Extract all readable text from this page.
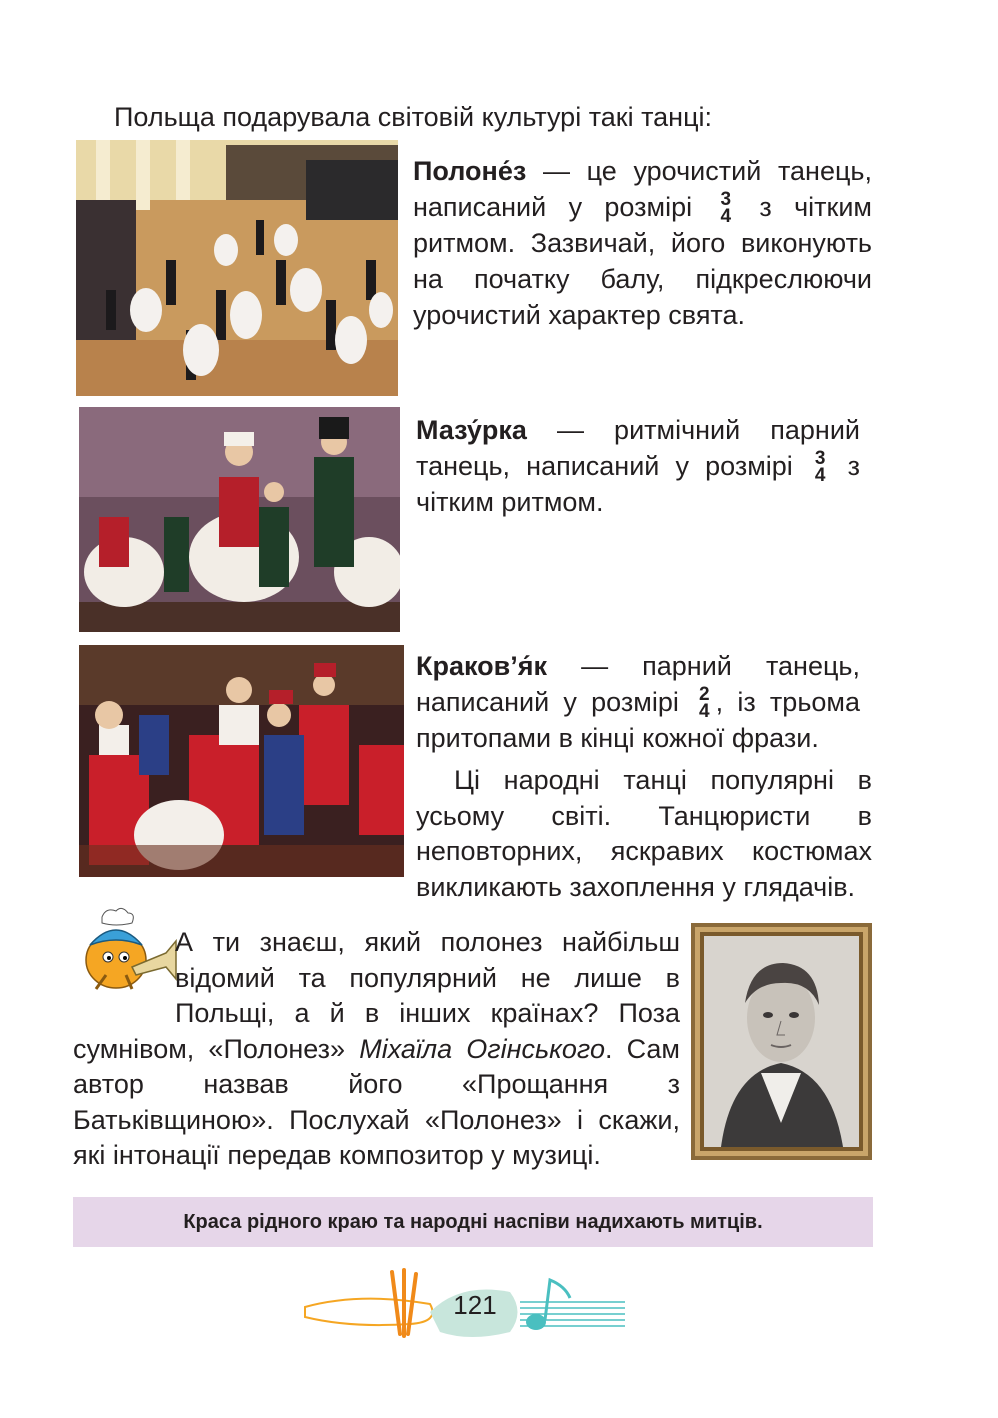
Польща подарувала світовій культурі такі танці:

Полоне́з — це урочистий танець, написаний у розмірі 3
4 з чітким ритмом. Зазвичай, його виконують на початку балу, підкреслюючи урочистий характер свята.

Мазу́рка — ритмічний парний танець, написаний у розмірі 3
4 з чітким ритмом.

Краков’я́к — парний танець, написаний у розмірі 2
4 , із трьома притопами в кінці кожної фрази.

Ці народні танці популярні в усьому світі. Танцюристи в неповторних, яскравих костюмах викликають захоплення у глядачів.

А ти знаєш, який полонез найбільш відомий та популярний не лише в Польщі, а й в інших країнах? Поза сумнівом, «Полонез» Міхаїла Огінського. Сам автор назвав його «Прощання з Батьківщиною». Послухай «Полонез» і скажи, які інтонації передав композитор у музиці.

Краса рідного краю та народні наспіви надихають митців.
121
